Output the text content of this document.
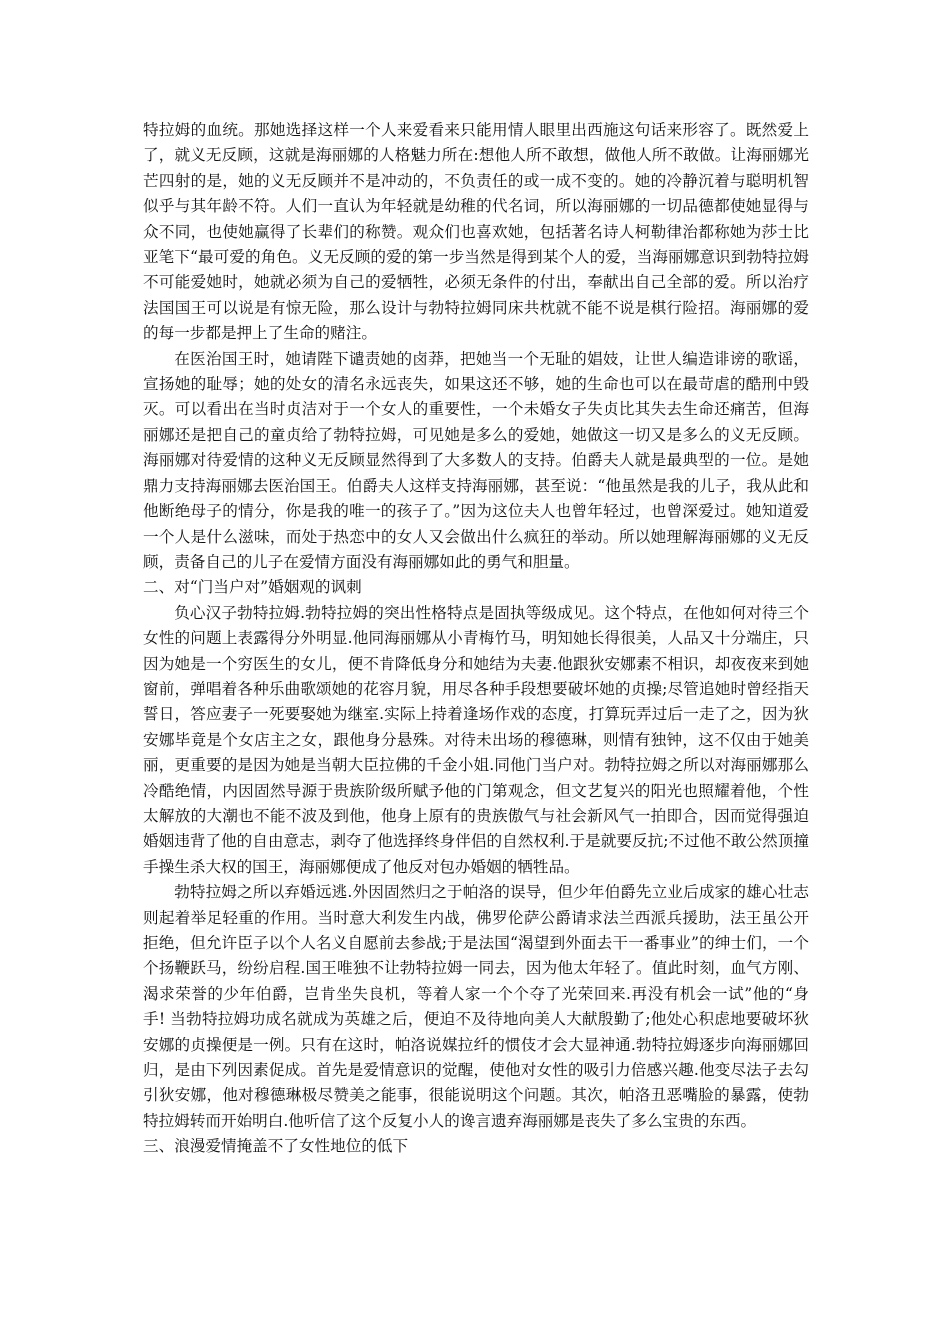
特拉姆的血统。那她选择这样一个人来爱看来只能用情人眼里出西施这句话来形容了。既然爱上了，就义无反顾，这就是海丽娜的人格魅力所在:想他人所不敢想，做他人所不敢做。让海丽娜光芒四射的是，她的义无反顾并不是冲动的，不负责任的或一成不变的。她的冷静沉着与聪明机智似乎与其年龄不符。人们一直认为年轻就是幼稚的代名词，所以海丽娜的一切品德都使她显得与众不同，也使她赢得了长辈们的称赞。观众们也喜欢她，包括著名诗人柯勒律治都称她为莎士比亚笔下“最可爱的角色。义无反顾的爱的第一步当然是得到某个人的爱，当海丽娜意识到勃特拉姆不可能爱她时，她就必须为自己的爱牺牲，必须无条件的付出，奉献出自己全部的爱。所以治疗法国国王可以说是有惊无险，那么设计与勃特拉姆同床共枕就不能不说是棋行险招。海丽娜的爱的每一步都是押上了生命的赌注。

在医治国王时，她请陛下谴责她的卤莽，把她当一个无耻的娼妓，让世人编造诽谤的歌谣，宣扬她的耻辱；她的处女的清名永远丧失，如果这还不够，她的生命也可以在最苛虐的酷刑中毁灭。可以看出在当时贞洁对于一个女人的重要性，一个未婚女子失贞比其失去生命还痛苦，但海丽娜还是把自己的童贞给了勃特拉姆，可见她是多么的爱她，她做这一切又是多么的义无反顾。海丽娜对待爱情的这种义无反顾显然得到了大多数人的支持。伯爵夫人就是最典型的一位。是她鼎力支持海丽娜去医治国王。伯爵夫人这样支持海丽娜，甚至说：“他虽然是我的儿子，我从此和他断绝母子的情分，你是我的唯一的孩子了。”因为这位夫人也曾年轻过，也曾深爱过。她知道爱一个人是什么滋味，而处于热恋中的女人又会做出什么疯狂的举动。所以她理解海丽娜的义无反顾，责备自己的儿子在爱情方面没有海丽娜如此的勇气和胆量。

二、对“门当户对”婚姻观的讽刺

负心汉子勃特拉姆.勃特拉姆的突出性格特点是固执等级成见。这个特点，在他如何对待三个女性的问题上表露得分外明显.他同海丽娜从小青梅竹马，明知她长得很美，人品又十分端庄，只因为她是一个穷医生的女儿，便不肯降低身分和她结为夫妻.他跟狄安娜素不相识，却夜夜来到她窗前，弹唱着各种乐曲歌颂她的花容月貌，用尽各种手段想要破坏她的贞操;尽管追她时曾经指天誓日，答应妻子一死要娶她为继室.实际上持着逢场作戏的态度，打算玩弄过后一走了之，因为狄安娜毕竟是个女店主之女，跟他身分悬殊。对待未出场的穆德琳，则情有独钟，这不仅由于她美丽，更重要的是因为她是当朝大臣拉佛的千金小姐.同他门当户对。勃特拉姆之所以对海丽娜那么冷酷绝情，内因固然导源于贵族阶级所赋予他的门第观念，但文艺复兴的阳光也照耀着他，个性太解放的大潮也不能不波及到他，他身上原有的贵族傲气与社会新风气一拍即合，因而觉得强迫婚姻违背了他的自由意志，剥夺了他选择终身伴侣的自然权利.于是就要反抗;不过他不敢公然顶撞手操生杀大权的国王，海丽娜便成了他反对包办婚姻的牺牲品。

勃特拉姆之所以弃婚远逃.外因固然归之于帕洛的误导，但少年伯爵先立业后成家的雄心壮志则起着举足轻重的作用。当时意大利发生内战，佛罗伦萨公爵请求法兰西派兵援助，法王虽公开拒绝，但允许臣子以个人名义自愿前去参战;于是法国“渴望到外面去干一番事业”的绅士们，一个个扬鞭跃马，纷纷启程.国王唯独不让勃特拉姆一同去，因为他太年轻了。值此时刻，血气方刚、渴求荣誉的少年伯爵，岂肯坐失良机，等着人家一个个夺了光荣回来.再没有机会一试”他的“身手! 当勃特拉姆功成名就成为英雄之后，便迫不及待地向美人大献殷勤了;他处心积虑地要破坏狄安娜的贞操便是一例。只有在这时，帕洛说媒拉纤的惯伎才会大显神通.勃特拉姆逐步向海丽娜回归，是由下列因素促成。首先是爱情意识的觉醒，使他对女性的吸引力倍感兴趣.他变尽法子去勾引狄安娜，他对穆德琳极尽赞美之能事，很能说明这个问题。其次，帕洛丑恶嘴脸的暴露，使勃特拉姆转而开始明白.他听信了这个反复小人的谗言遗弃海丽娜是丧失了多么宝贵的东西。

三、浪漫爱情掩盖不了女性地位的低下
